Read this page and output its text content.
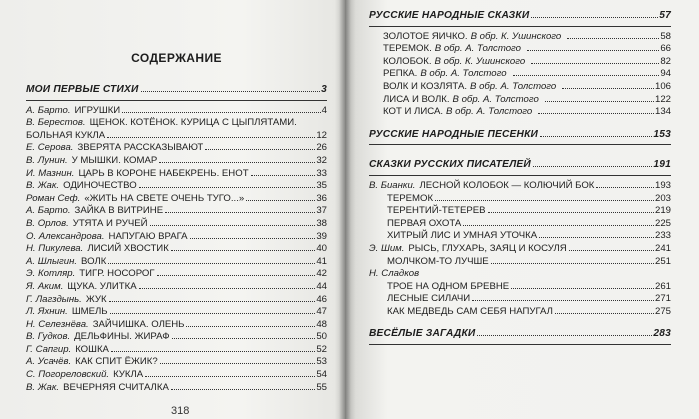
СОДЕРЖАНИЕ
МОИ ПЕРВЫЕ СТИХИ	3
А. Барто. ИГРУШКИ	4
В. Берестов. ЩЕНОК. КОТЁНОК. КУРИЦА С ЦЫПЛЯТАМИ.
БОЛЬНАЯ КУКЛА	12
Е. Серова. ЗВЕРЯТА РАССКАЗЫВАЮТ	26
В. Лунин. У МЫШКИ. КОМАР	32
И. Мазнин. ЦАРЬ В КОРОНЕ НАБЕКРЕНЬ. ЕНОТ	33
В. Жак. ОДИНОЧЕСТВО	35
Роман Сеф. «ЖИТЬ НА СВЕТЕ ОЧЕНЬ ТУГО...»	36
А. Барто. ЗАЙКА В ВИТРИНЕ	37
В. Орлов. УТЯТА И РУЧЕЙ	38
О. Александрова. НАПУГАЮ ВРАГА	39
Н. Пикулева. ЛИСИЙ ХВОСТИК	40
А. Шлыгин. ВОЛК	41
Э. Котляр. ТИГР. НОСОРОГ	42
Я. Аким. ЩУКА. УЛИТКА	44
Г. Лагздынь. ЖУК	46
Л. Яхнин. ШМЕЛЬ	47
Н. Селезнёва. ЗАЙЧИШКА. ОЛЕНЬ	48
В. Гудков. ДЕЛЬФИНЫ. ЖИРАФ	50
Г. Сапгир. КОШКА	52
А. Усачёв. КАК СПИТ ЁЖИК?	53
С. Погореловский. КУКЛА	54
В. Жак. ВЕЧЕРНЯЯ СЧИТАЛКА	55
318
РУССКИЕ НАРОДНЫЕ СКАЗКИ	57
ЗОЛОТОЕ ЯИЧКО. В обр. К. Ушинского	58
ТЕРЕМОК. В обр. А. Толстого	66
КОЛОБОК. В обр. К. Ушинского	82
РЕПКА. В обр. А. Толстого	94
ВОЛК И КОЗЛЯТА. В обр. А. Толстого	106
ЛИСА И ВОЛК. В обр. А. Толстого	122
КОТ И ЛИСА. В обр. А. Толстого	134
РУССКИЕ НАРОДНЫЕ ПЕСЕНКИ	153
СКАЗКИ РУССКИХ ПИСАТЕЛЕЙ	191
В. Бианки. ЛЕСНОЙ КОЛОБОК — КОЛЮЧИЙ БОК	193
ТЕРЕМОК	203
ТЕРЕНТИЙ-ТЕТЕРЕВ	219
ПЕРВАЯ ОХОТА	225
ХИТРЫЙ ЛИС И УМНАЯ УТОЧКА	233
Э. Шим. РЫСЬ, ГЛУХАРЬ, ЗАЯЦ И КОСУЛЯ	241
МОЛЧКОМ-ТО ЛУЧШЕ	251
Н. Сладков
ТРОЕ НА ОДНОМ БРЕВНЕ	261
ЛЕСНЫЕ СИЛАЧИ	271
КАК МЕДВЕДЬ САМ СЕБЯ НАПУГАЛ	275
ВЕСЁЛЫЕ ЗАГАДКИ	283
